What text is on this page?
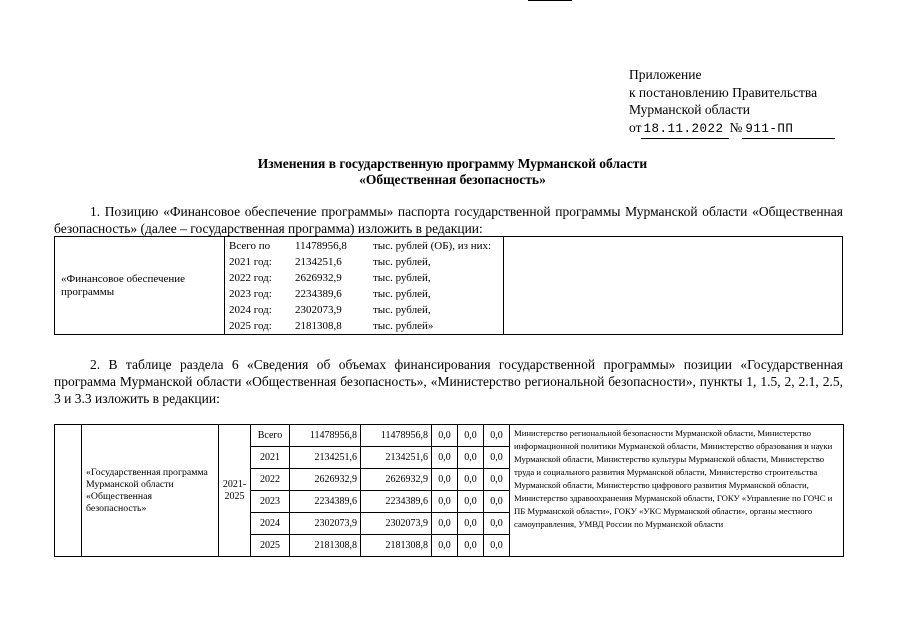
Приложение
к постановлению Правительства
Мурманской области
от 18.11.2022 № 911-ПП
Изменения в государственную программу Мурманской области
«Общественная безопасность»
1. Позицию «Финансовое обеспечение программы» паспорта государственной программы Мурманской области «Общественная безопасность» (далее – государственная программа) изложить в редакции:
«Финансовое обеспечение программы	
Всего по	11478956,8	тыс. рублей (ОБ), из них:
2021 год:	2134251,6	тыс. рублей,
2022 год:	2626932,9	тыс. рублей,
2023 год:	2234389,6	тыс. рублей,
2024 год:	2302073,9	тыс. рублей,
2025 год:	2181308,8	тыс. рублей»

2. В таблице раздела 6 «Сведения об объемах финансирования государственной программы» позиции «Государственная программа Мурманской области «Общественная безопасность», «Министерство региональной безопасности», пункты 1, 1.5, 2, 2.1, 2.5, 3 и 3.3 изложить в редакции:
	«Государственная программа Мурманской области «Общественная безопасность»	2021-2025	Всего	11478956,8	11478956,8	0,0	0,0	0,0	Министерство региональной безопасности Мурманской области, Министерство информационной политики Мурманской области, Министерство образования и науки Мурманской области, Министерство культуры Мурманской области, Министерство труда и социального развития Мурманской области, Министерство строительства Мурманской области, Министерство цифрового развития Мурманской области, Министерство здравоохранения Мурманской области, ГОКУ «Управление по ГОЧС и ПБ Мурманской области», ГОКУ «УКС Мурманской области», органы местного самоуправления, УМВД России по Мурманской области
			2021	2134251,6	2134251,6	0,0	0,0	0,0	
			2022	2626932,9	2626932,9	0,0	0,0	0,0	
			2023	2234389,6	2234389,6	0,0	0,0	0,0	
			2024	2302073,9	2302073,9	0,0	0,0	0,0	
			2025	2181308,8	2181308,8	0,0	0,0	0,0	
